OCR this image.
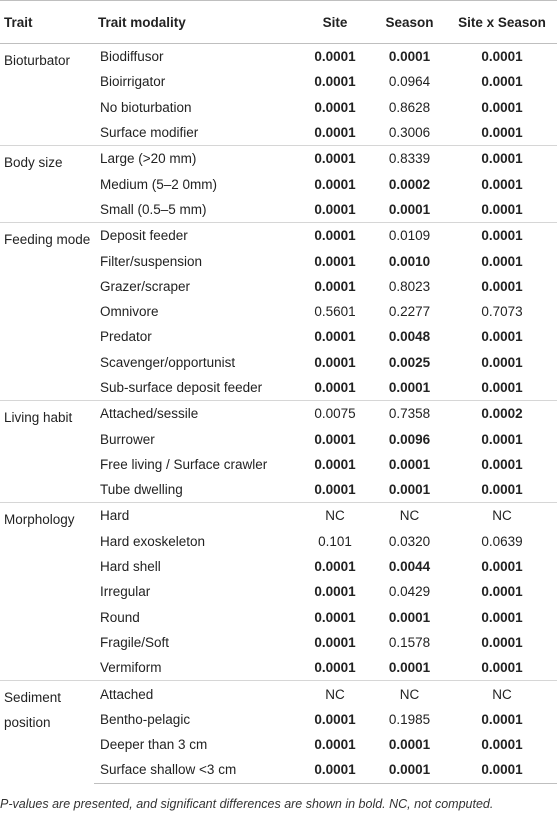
Trait	Trait modality	Site	Season	Site x Season
Bioturbator	Biodiffusor	0.0001	0.0001	0.0001
	Bioirrigator	0.0001	0.0964	0.0001
	No bioturbation	0.0001	0.8628	0.0001
	Surface modifier	0.0001	0.3006	0.0001
Body size	Large (>20 mm)	0.0001	0.8339	0.0001
	Medium (5–2 0mm)	0.0001	0.0002	0.0001
	Small (0.5–5 mm)	0.0001	0.0001	0.0001
Feeding mode	Deposit feeder	0.0001	0.0109	0.0001
	Filter/suspension	0.0001	0.0010	0.0001
	Grazer/scraper	0.0001	0.8023	0.0001
	Omnivore	0.5601	0.2277	0.7073
	Predator	0.0001	0.0048	0.0001
	Scavenger/opportunist	0.0001	0.0025	0.0001
	Sub-surface deposit feeder	0.0001	0.0001	0.0001
Living habit	Attached/sessile	0.0075	0.7358	0.0002
	Burrower	0.0001	0.0096	0.0001
	Free living / Surface crawler	0.0001	0.0001	0.0001
	Tube dwelling	0.0001	0.0001	0.0001
Morphology	Hard	NC	NC	NC
	Hard exoskeleton	0.101	0.0320	0.0639
	Hard shell	0.0001	0.0044	0.0001
	Irregular	0.0001	0.0429	0.0001
	Round	0.0001	0.0001	0.0001
	Fragile/Soft	0.0001	0.1578	0.0001
	Vermiform	0.0001	0.0001	0.0001
Sediment position	Attached	NC	NC	NC
	Bentho-pelagic	0.0001	0.1985	0.0001
	Deeper than 3 cm	0.0001	0.0001	0.0001
	Surface shallow <3 cm	0.0001	0.0001	0.0001
P-values are presented, and significant differences are shown in bold. NC, not computed.
